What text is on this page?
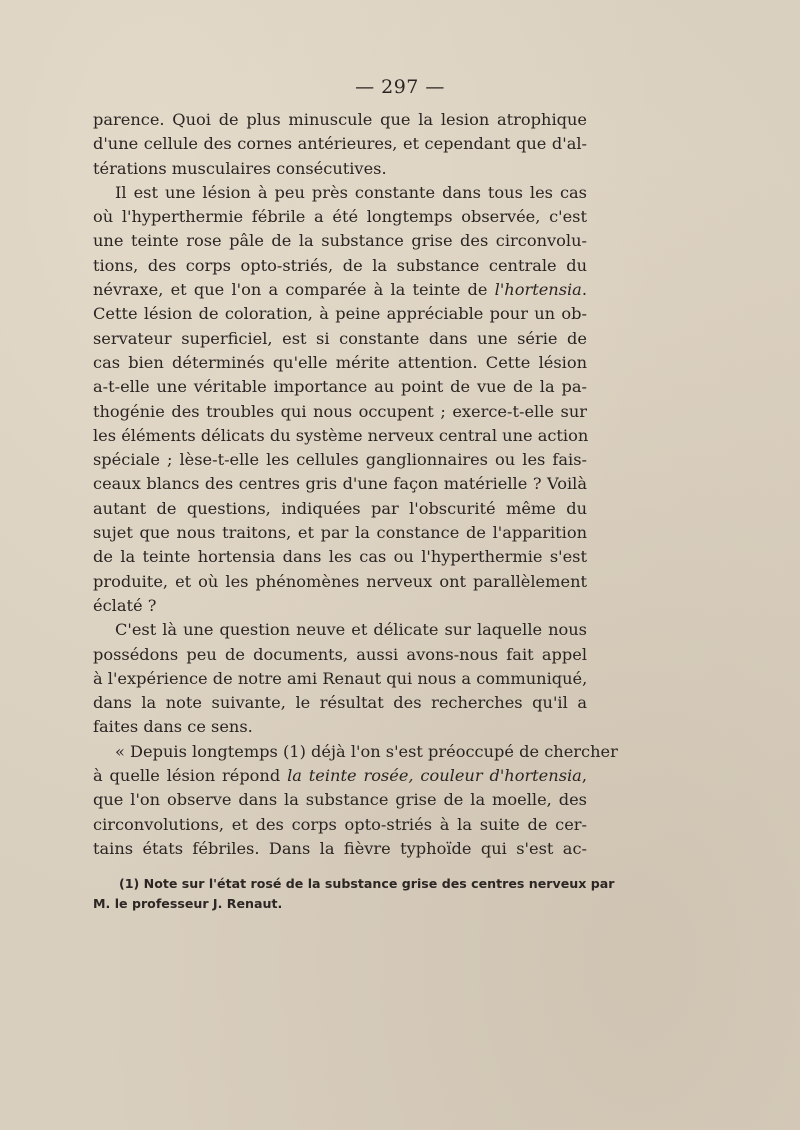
— 297 —
parence. Quoi de plus minuscule que la lesion atrophique
d'une cellule des cornes antérieures, et cependant que d'al-
térations musculaires consécutives.
Il est une lésion à peu près constante dans tous les cas
où l'hyperthermie fébrile a été longtemps observée, c'est
une teinte rose pâle de la substance grise des circonvolu-
tions, des corps opto-striés, de la substance centrale du
névraxe, et que l'on a comparée à la teinte de l'hortensia.
Cette lésion de coloration, à peine appréciable pour un ob-
servateur superficiel, est si constante dans une série de
cas bien déterminés qu'elle mérite attention. Cette lésion
a-t-elle une véritable importance au point de vue de la pa-
thogénie des troubles qui nous occupent ; exerce-t-elle sur
les éléments délicats du système nerveux central une action
spéciale ; lèse-t-elle les cellules ganglionnaires ou les fais-
ceaux blancs des centres gris d'une façon matérielle ? Voilà
autant de questions, indiquées par l'obscurité même du
sujet que nous traitons, et par la constance de l'apparition
de la teinte hortensia dans les cas ou l'hyperthermie s'est
produite, et où les phénomènes nerveux ont parallèlement
éclaté ?
C'est là une question neuve et délicate sur laquelle nous
possédons peu de documents, aussi avons-nous fait appel
à l'expérience de notre ami Renaut qui nous a communiqué,
dans la note suivante, le résultat des recherches qu'il a
faites dans ce sens.
« Depuis longtemps (1) déjà l'on s'est préoccupé de chercher
à quelle lésion répond la teinte rosée, couleur d'hortensia,
que l'on observe dans la substance grise de la moelle, des
circonvolutions, et des corps opto-striés à la suite de cer-
tains états fébriles. Dans la fièvre typhoïde qui s'est ac-
(1) Note sur l'état rosé de la substance grise des centres nerveux par
M. le professeur J. Renaut.
